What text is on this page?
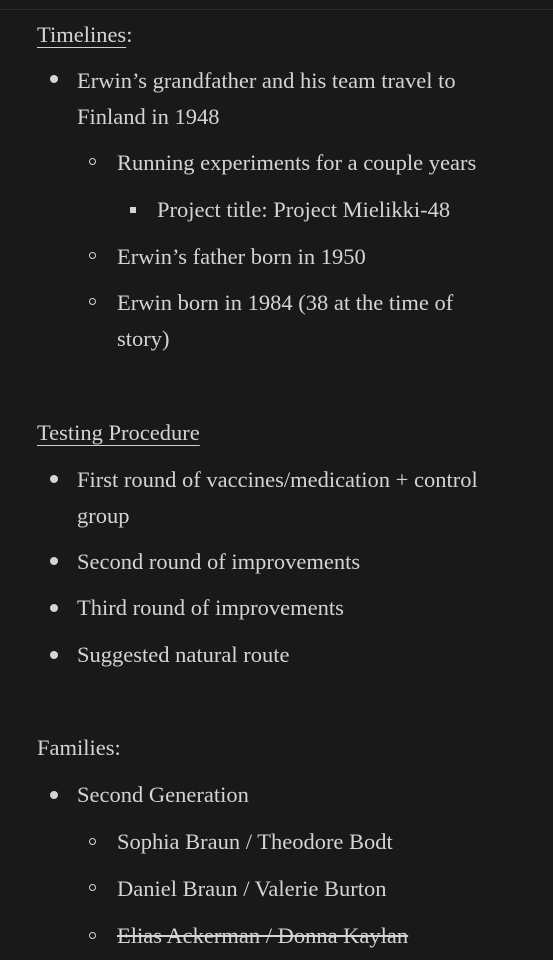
Timelines:
Erwin’s grandfather and his team travel to
Finland in 1948
Running experiments for a couple years
Project title: Project Mielikki-48
Erwin’s father born in 1950
Erwin born in 1984 (38 at the time of
story)
Testing Procedure
First round of vaccines/medication + control
group
Second round of improvements
Third round of improvements
Suggested natural route
Families:
Second Generation
Sophia Braun / Theodore Bodt
Daniel Braun / Valerie Burton
Elias Ackerman / Donna Kaylan
